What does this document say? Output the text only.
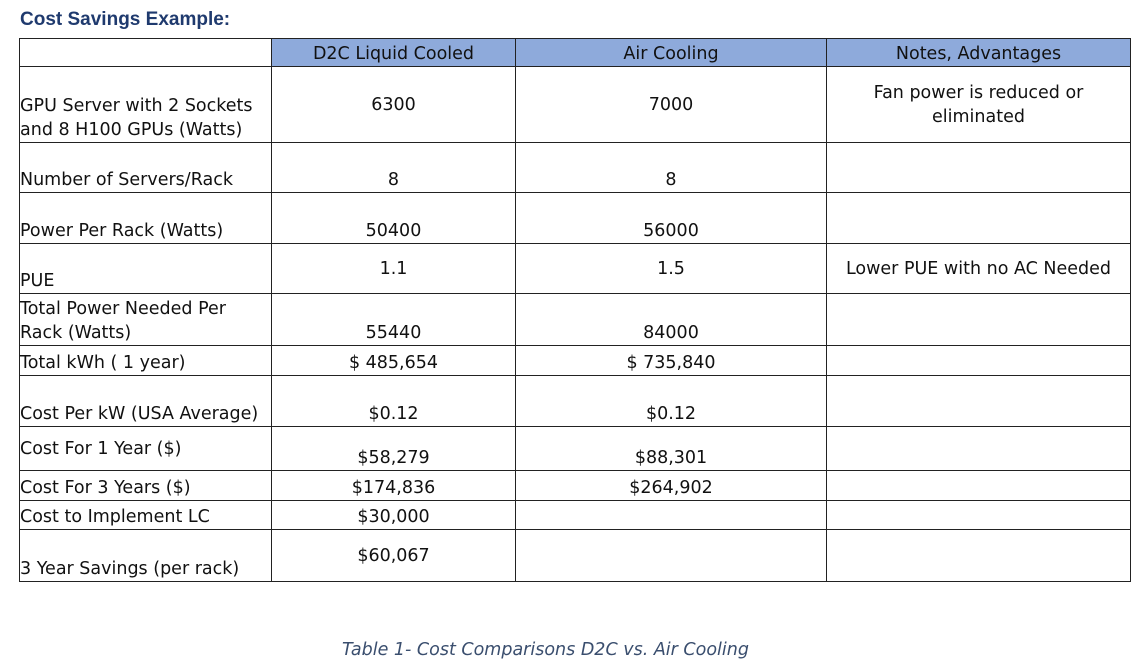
Cost Savings Example:
	D2C Liquid Cooled	Air Cooling	Notes, Advantages
GPU Server with 2 Sockets and 8 H100 GPUs (Watts)	6300	7000	Fan power is reduced or eliminated
Number of Servers/Rack	8	8	
Power Per Rack (Watts)	50400	56000	
PUE	1.1	1.5	Lower PUE with no AC Needed
Total Power Needed Per Rack (Watts)	55440	84000	
Total kWh ( 1 year)	$ 485,654	$ 735,840	
Cost Per kW (USA Average)	$0.12	$0.12	
Cost For 1 Year ($)	$58,279	$88,301	
Cost For 3 Years ($)	$174,836	$264,902	
Cost to Implement LC	$30,000		
3 Year Savings (per rack)	$60,067		
Table 1- Cost Comparisons D2C vs. Air Cooling
